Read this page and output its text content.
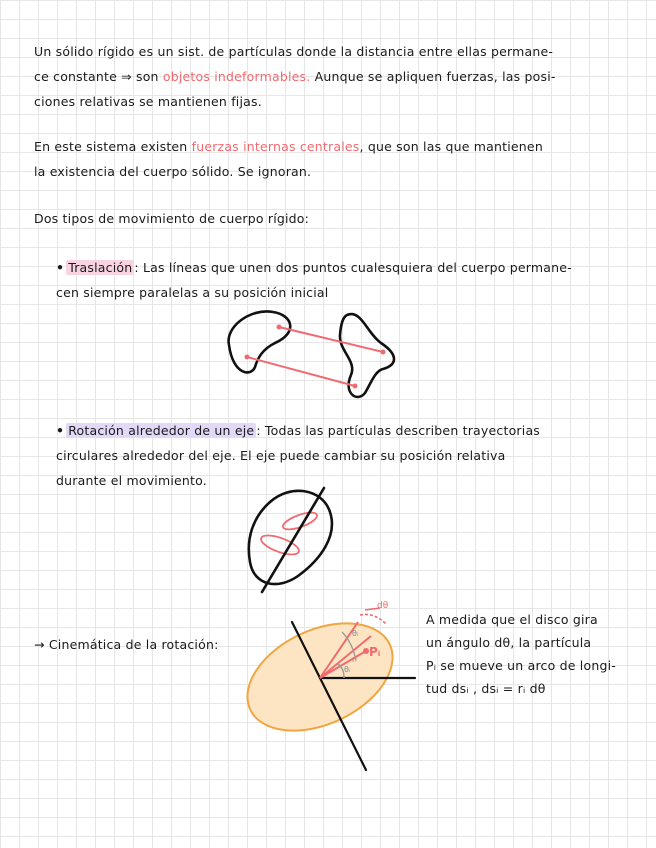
Un sólido rígido es un sist. de partículas donde la distancia entre ellas permane-
ce constante ⇒ son objetos indeformables. Aunque se apliquen fuerzas, las posi-
ciones relativas se mantienen fijas.
En este sistema existen fuerzas internas centrales, que son las que mantienen
la existencia del cuerpo sólido. Se ignoran.
Dos tipos de movimiento de cuerpo rígido:
• Traslación : Las líneas que unen dos puntos cualesquiera del cuerpo permane-
cen siempre paralelas a su posición inicial
• Rotación alrededor de un eje : Todas las partículas describen trayectorias
circulares alrededor del eje. El eje puede cambiar su posición relativa
durante el movimiento.
→ Cinemática de la rotación:
A medida que el disco gira
un ángulo dθ, la partícula
Pᵢ se mueve un arco de longi-
tud dsᵢ , dsᵢ = rᵢ dθ
dθ
Pᵢ
θᵢ
θᵢ
rᵢ
